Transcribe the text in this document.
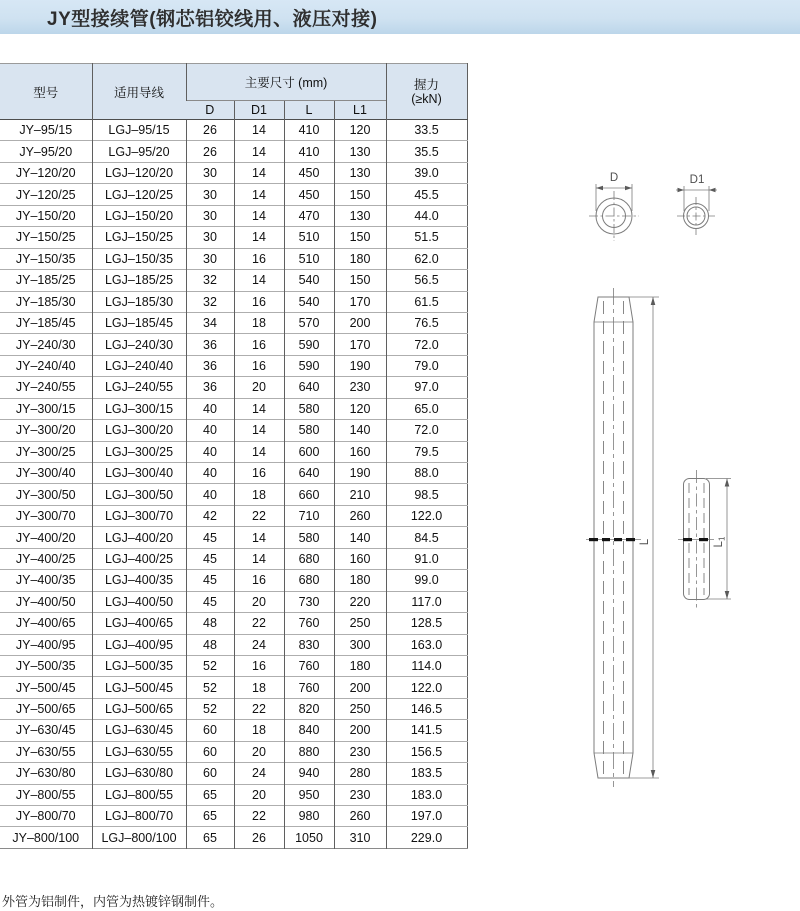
JY型接续管(钢芯铝铰线用、液压对接)
型号	适用导线	主要尺寸 (mm)				握力
(≥kN)

		D	D1	L	L1	
JY–95/15	LGJ–95/15	26	14	410	120	33.5
JY–95/20	LGJ–95/20	26	14	410	130	35.5
JY–120/20	LGJ–120/20	30	14	450	130	39.0
JY–120/25	LGJ–120/25	30	14	450	150	45.5
JY–150/20	LGJ–150/20	30	14	470	130	44.0
JY–150/25	LGJ–150/25	30	14	510	150	51.5
JY–150/35	LGJ–150/35	30	16	510	180	62.0
JY–185/25	LGJ–185/25	32	14	540	150	56.5
JY–185/30	LGJ–185/30	32	16	540	170	61.5
JY–185/45	LGJ–185/45	34	18	570	200	76.5
JY–240/30	LGJ–240/30	36	16	590	170	72.0
JY–240/40	LGJ–240/40	36	16	590	190	79.0
JY–240/55	LGJ–240/55	36	20	640	230	97.0
JY–300/15	LGJ–300/15	40	14	580	120	65.0
JY–300/20	LGJ–300/20	40	14	580	140	72.0
JY–300/25	LGJ–300/25	40	14	600	160	79.5
JY–300/40	LGJ–300/40	40	16	640	190	88.0
JY–300/50	LGJ–300/50	40	18	660	210	98.5
JY–300/70	LGJ–300/70	42	22	710	260	122.0
JY–400/20	LGJ–400/20	45	14	580	140	84.5
JY–400/25	LGJ–400/25	45	14	680	160	91.0
JY–400/35	LGJ–400/35	45	16	680	180	99.0
JY–400/50	LGJ–400/50	45	20	730	220	117.0
JY–400/65	LGJ–400/65	48	22	760	250	128.5
JY–400/95	LGJ–400/95	48	24	830	300	163.0
JY–500/35	LGJ–500/35	52	16	760	180	114.0
JY–500/45	LGJ–500/45	52	18	760	200	122.0
JY–500/65	LGJ–500/65	52	22	820	250	146.5
JY–630/45	LGJ–630/45	60	18	840	200	141.5
JY–630/55	LGJ–630/55	60	20	880	230	156.5
JY–630/80	LGJ–630/80	60	24	940	280	183.5
JY–800/55	LGJ–800/55	65	20	950	230	183.0
JY–800/70	LGJ–800/70	65	22	980	260	197.0
JY–800/100	LGJ–800/100	65	26	1050	310	229.0
外管为铝制件，内管为热镀锌钢制件。
D	D1
L	$L_1$
